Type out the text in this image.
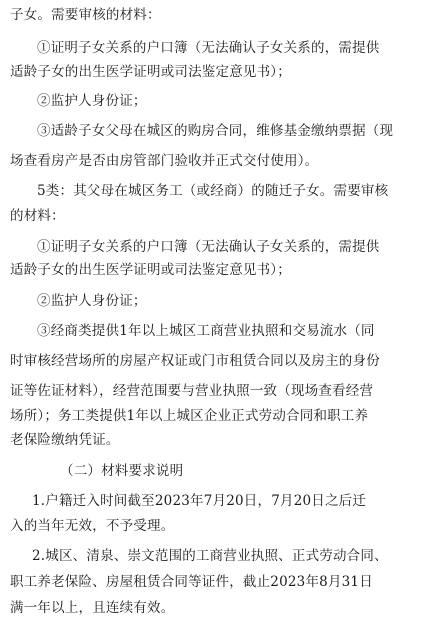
子女。需要审核的材料：
①证明子女关系的户口簿（无法确认子女关系的，需提供
适龄子女的出生医学证明或司法鉴定意见书）；
②监护人身份证；
③适龄子女父母在城区的购房合同，维修基金缴纳票据（现
场查看房产是否由房管部门验收并正式交付使用）。
5类：其父母在城区务工（或经商）的随迁子女。需要审核
的材料：
①证明子女关系的户口簿（无法确认子女关系的，需提供
适龄子女的出生医学证明或司法鉴定意见书）；
②监护人身份证；
③经商类提供1年以上城区工商营业执照和交易流水（同
时审核经营场所的房屋产权证或门市租赁合同以及房主的身份
证等佐证材料），经营范围要与营业执照一致（现场查看经营
场所）；务工类提供1年以上城区企业正式劳动合同和职工养
老保险缴纳凭证。
（二）材料要求说明
1.户籍迁入时间截至2023年7月20日，7月20日之后迁
入的当年无效，不予受理。
2.城区、清泉、崇文范围的工商营业执照、正式劳动合同、
职工养老保险、房屋租赁合同等证件，截止2023年8月31日
满一年以上，且连续有效。
